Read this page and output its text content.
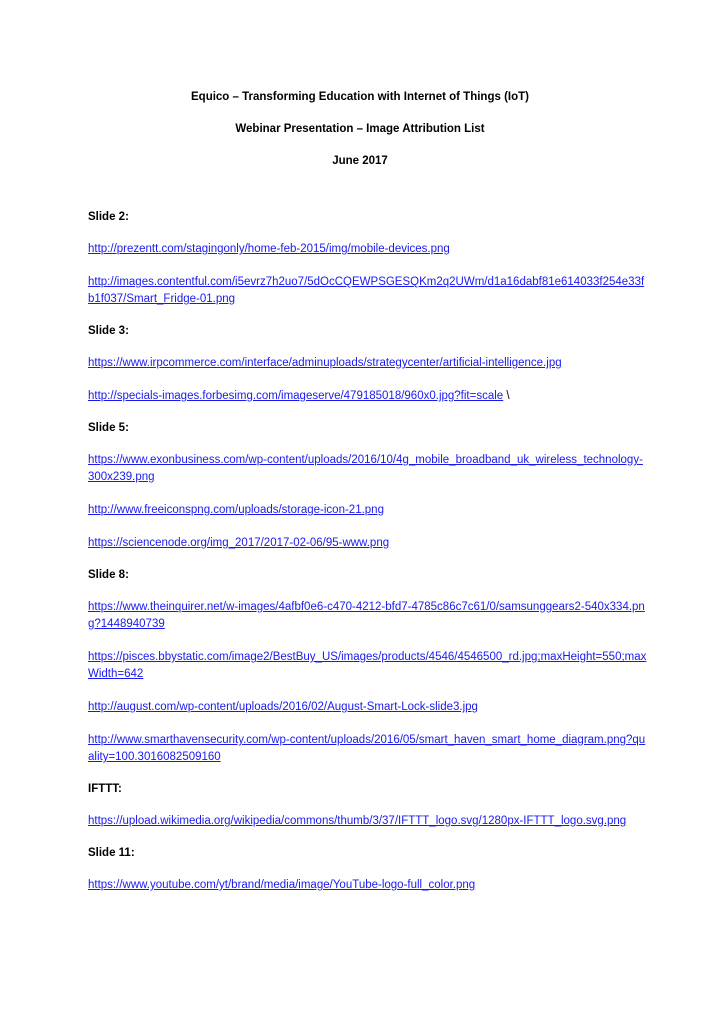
Equico – Transforming Education with Internet of Things (IoT)
Webinar Presentation – Image Attribution List
June 2017
Slide 2:
http://prezentt.com/stagingonly/home-feb-2015/img/mobile-devices.png
http://images.contentful.com/i5evrz7h2uo7/5dOcCQEWPSGESQKm2q2UWm/d1a16dabf81e614033f254e33fb1f037/Smart_Fridge-01.png
Slide 3:
https://www.irpcommerce.com/interface/adminuploads/strategycenter/artificial-intelligence.jpg
http://specials-images.forbesimg.com/imageserve/479185018/960x0.jpg?fit=scale \
Slide 5:
https://www.exonbusiness.com/wp-content/uploads/2016/10/4g_mobile_broadband_uk_wireless_technology-300x239.png
http://www.freeiconspng.com/uploads/storage-icon-21.png
https://sciencenode.org/img_2017/2017-02-06/95-www.png
Slide 8:
https://www.theinquirer.net/w-images/4afbf0e6-c470-4212-bfd7-4785c86c7c61/0/samsunggears2-540x334.png?1448940739
https://pisces.bbystatic.com/image2/BestBuy_US/images/products/4546/4546500_rd.jpg;maxHeight=550;maxWidth=642
http://august.com/wp-content/uploads/2016/02/August-Smart-Lock-slide3.jpg
http://www.smarthavensecurity.com/wp-content/uploads/2016/05/smart_haven_smart_home_diagram.png?quality=100.3016082509160
IFTTT:
https://upload.wikimedia.org/wikipedia/commons/thumb/3/37/IFTTT_logo.svg/1280px-IFTTT_logo.svg.png
Slide 11:
https://www.youtube.com/yt/brand/media/image/YouTube-logo-full_color.png
